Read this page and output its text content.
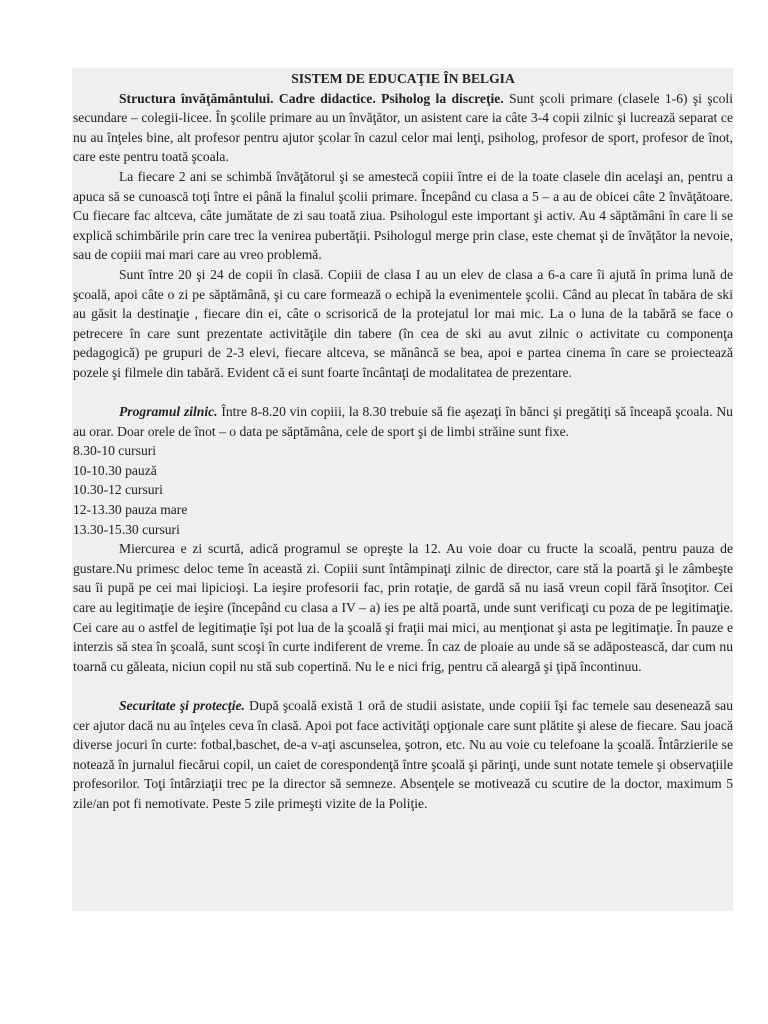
SISTEM DE EDUCAŢIE ÎN BELGIA

Structura învăţământului. Cadre didactice. Psiholog la discreţie. Sunt şcoli primare (clasele 1-6) şi şcoli secundare – colegii-licee. În şcolile primare au un învăţător, un asistent care ia câte 3-4 copii zilnic şi lucrează separat ce nu au înţeles bine, alt profesor pentru ajutor şcolar în cazul celor mai lenţi, psiholog, profesor de sport, profesor de înot, care este pentru toată şcoala.

La fiecare 2 ani se schimbă învăţătorul şi se amestecă copiii între ei de la toate clasele din acelaşi an, pentru a apuca să se cunoască toţi între ei până la finalul şcolii primare. Începând cu clasa a 5 – a au de obicei câte 2 învăţătoare. Cu fiecare fac altceva, câte jumătate de zi sau toată ziua. Psihologul este important şi activ. Au 4 săptămâni în care li se explică schimbările prin care trec la venirea pubertăţii. Psihologul merge prin clase, este chemat şi de învăţător la nevoie, sau de copiii mai mari care au vreo problemă.

Sunt între 20 şi 24 de copii în clasă. Copiii de clasa I au un elev de clasa a 6-a care îi ajută în prima lună de şcoală, apoi câte o zi pe săptămână, şi cu care formează o echipă la evenimentele şcolii. Când au plecat în tabăra de ski au găsit la destinaţie , fiecare din ei, câte o scrisorică de la protejatul lor mai mic. La o luna de la tabără se face o petrecere în care sunt prezentate activităţile din tabere (în cea de ski au avut zilnic o activitate cu componenţa pedagogică) pe grupuri de 2-3 elevi, fiecare altceva, se mănâncă se bea, apoi e partea cinema în care se proiectează pozele şi filmele din tabără. Evident că ei sunt foarte încântaţi de modalitatea de prezentare.

Programul zilnic. Între 8-8.20 vin copiii, la 8.30 trebuie să fie aşezaţi în bănci şi pregătiţi să înceapă şcoala. Nu au orar. Doar orele de înot – o data pe săptămâna, cele de sport şi de limbi străine sunt fixe.

8.30-10 cursuri

10-10.30 pauză

10.30-12 cursuri

12-13.30 pauza mare

13.30-15.30 cursuri

Miercurea e zi scurtă, adică programul se opreşte la 12. Au voie doar cu fructe la scoală, pentru pauza de gustare.Nu primesc deloc teme în această zi. Copiii sunt întâmpinaţi zilnic de director, care stă la poartă şi le zâmbeşte sau îi pupă pe cei mai lipicioşi. La ieşire profesorii fac, prin rotaţie, de gardă să nu iasă vreun copil fără însoţitor. Cei care au legitimaţie de ieşire (începând cu clasa a IV – a) ies pe altă poartă, unde sunt verificaţi cu poza de pe legitimaţie. Cei care au o astfel de legitimaţie îşi pot lua de la şcoală şi fraţii mai mici, au menţionat şi asta pe legitimaţie. În pauze e interzis să stea în şcoală, sunt scoşi în curte indiferent de vreme. În caz de ploaie au unde să se adăpostească, dar cum nu toarnă cu găleata, niciun copil nu stă sub copertină. Nu le e nici frig, pentru că aleargă şi ţipă încontinuu.

Securitate şi protecţie. După şcoală există 1 oră de studii asistate, unde copiii îşi fac temele sau desenează sau cer ajutor dacă nu au înţeles ceva în clasă. Apoi pot face activităţi opţionale care sunt plătite şi alese de fiecare. Sau joacă diverse jocuri în curte: fotbal,baschet, de-a v-aţi ascunselea, şotron, etc. Nu au voie cu telefoane la şcoală. Întârzierile se notează în jurnalul fiecărui copil, un caiet de corespondenţă între şcoală şi părinţi, unde sunt notate temele şi observaţiile profesorilor. Toţi întârziaţii trec pe la director să semneze. Absenţele se motivează cu scutire de la doctor, maximum 5 zile/an pot fi nemotivate. Peste 5 zile primeşti vizite de la Poliţie.
